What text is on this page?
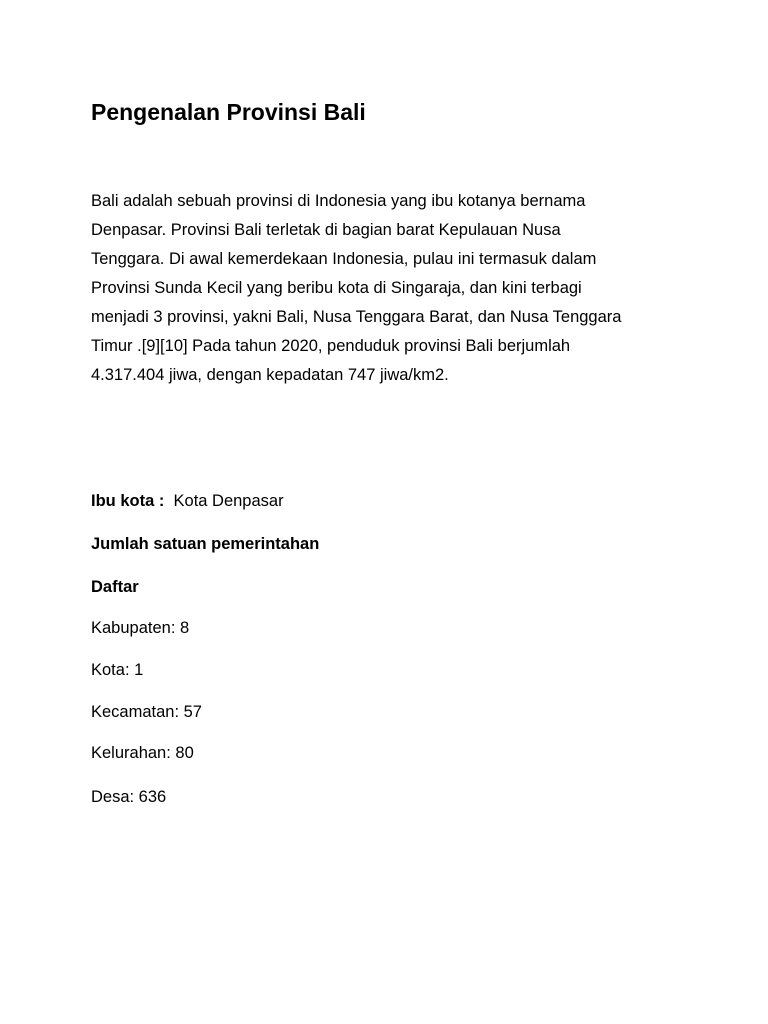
Pengenalan Provinsi Bali

Bali adalah sebuah provinsi di Indonesia yang ibu kotanya bernama
Denpasar. Provinsi Bali terletak di bagian barat Kepulauan Nusa
Tenggara. Di awal kemerdekaan Indonesia, pulau ini termasuk dalam
Provinsi Sunda Kecil yang beribu kota di Singaraja, dan kini terbagi
menjadi 3 provinsi, yakni Bali, Nusa Tenggara Barat, dan Nusa Tenggara
Timur .[9][10] Pada tahun 2020, penduduk provinsi Bali berjumlah
4.317.404 jiwa, dengan kepadatan 747 jiwa/km2.

Ibu kota : Kota Denpasar

Jumlah satuan pemerintahan

Daftar

Kabupaten: 8

Kota: 1

Kecamatan: 57

Kelurahan: 80

Desa: 636
